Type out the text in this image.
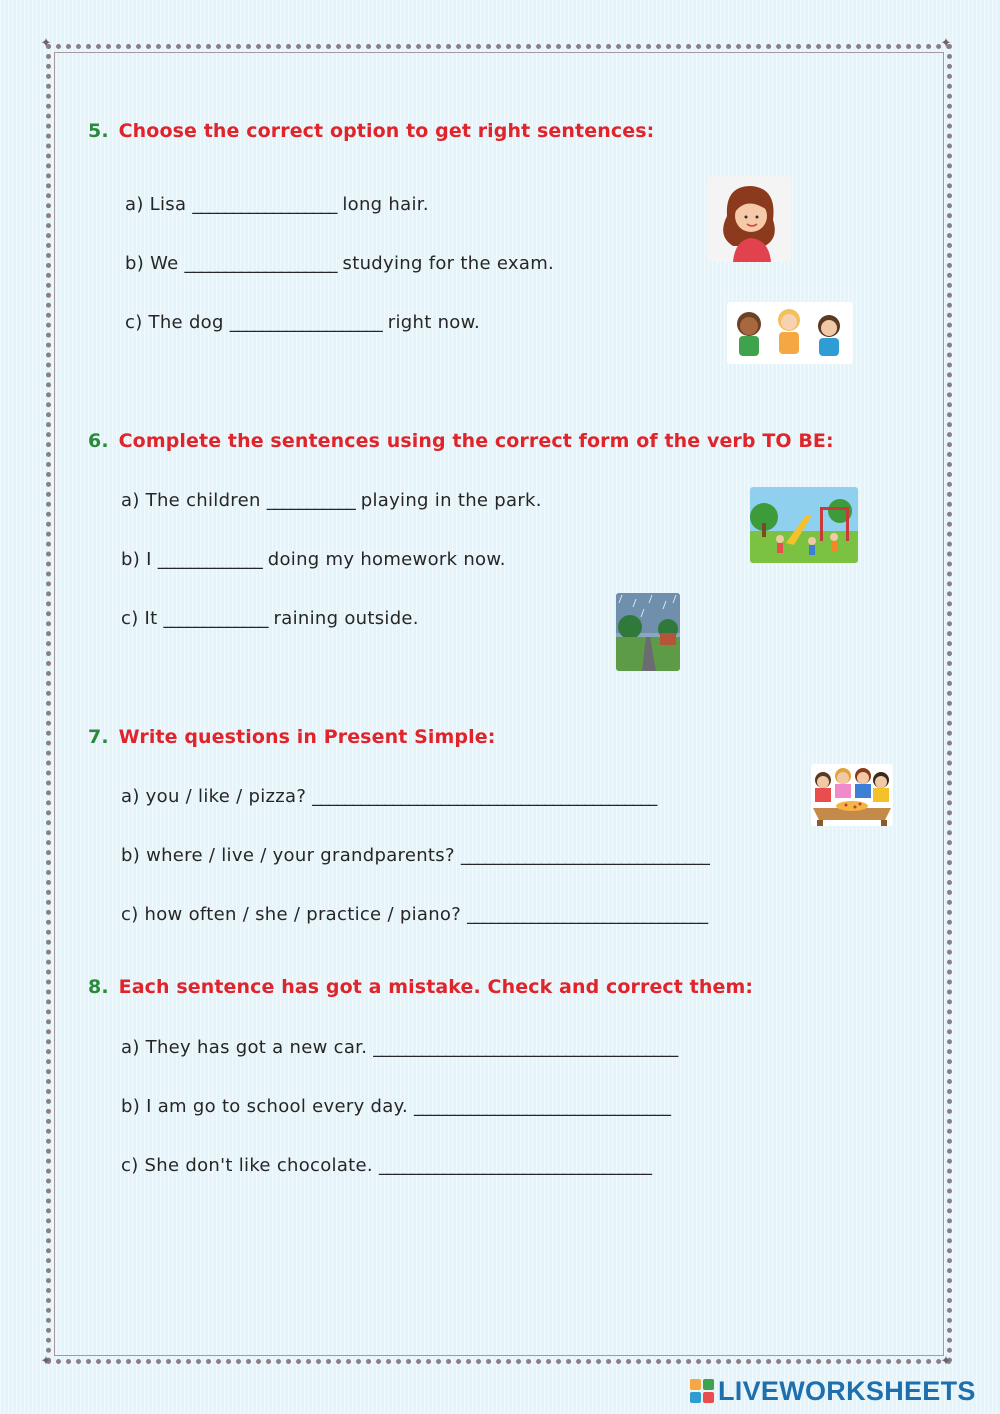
✦	✦
✦	✦
5. Choose the correct option to get right sentences:
a) Lisa __________________ long hair.
b) We ___________________ studying for the exam.
c) The dog ___________________ right now.
6. Complete the sentences using the correct form of the verb TO BE:
a) The children ___________ playing in the park.
b) I _____________ doing my homework now.
c) It _____________ raining outside.
7. Write questions in Present Simple:
a) you / like / pizza? ___________________________________________
b) where / live / your grandparents? _______________________________
c) how often / she / practice / piano? ______________________________
8. Each sentence has got a mistake. Check and correct them:
a) They has got a new car. ______________________________________
b) I am go to school every day. ________________________________
c) She don't like chocolate. __________________________________
LIVEWORKSHEETS
